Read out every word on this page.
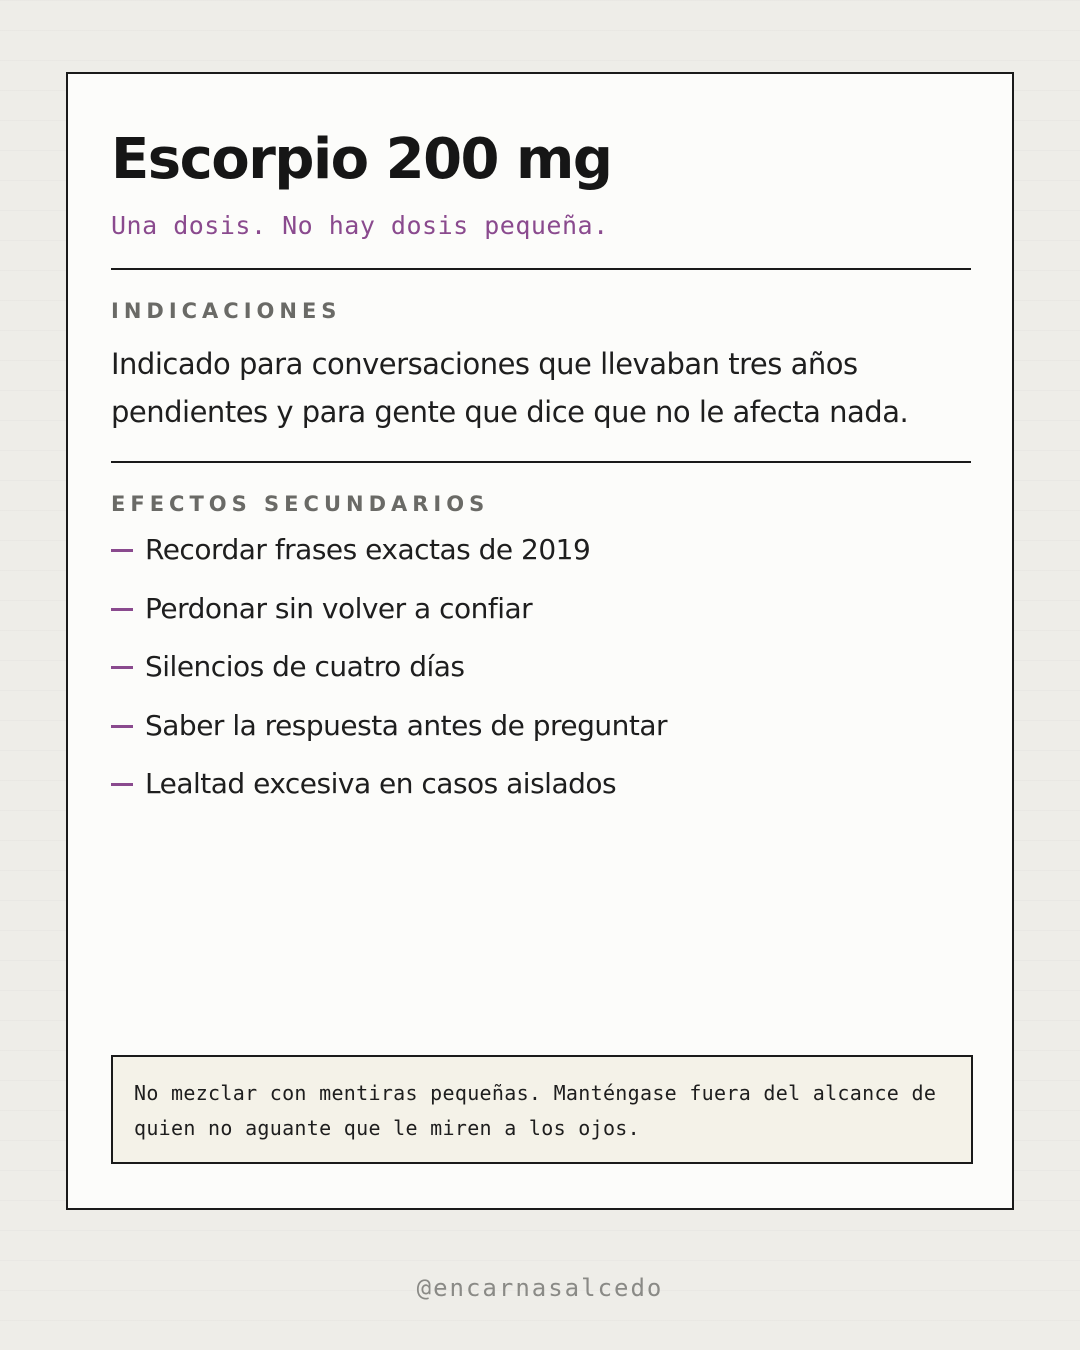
Escorpio 200 mg
Una dosis. No hay dosis pequeña.
INDICACIONES

Indicado para conversaciones que llevaban tres años pendientes y para gente que dice que no le afecta nada.

EFECTOS SECUNDARIOS
Recordar frases exactas de 2019
Perdonar sin volver a confiar
Silencios de cuatro días
Saber la respuesta antes de preguntar
Lealtad excesiva en casos aislados

No mezclar con mentiras pequeñas. Manténgase fuera del alcance de quien no aguante que le miren a los ojos.

@encarnasalcedo
